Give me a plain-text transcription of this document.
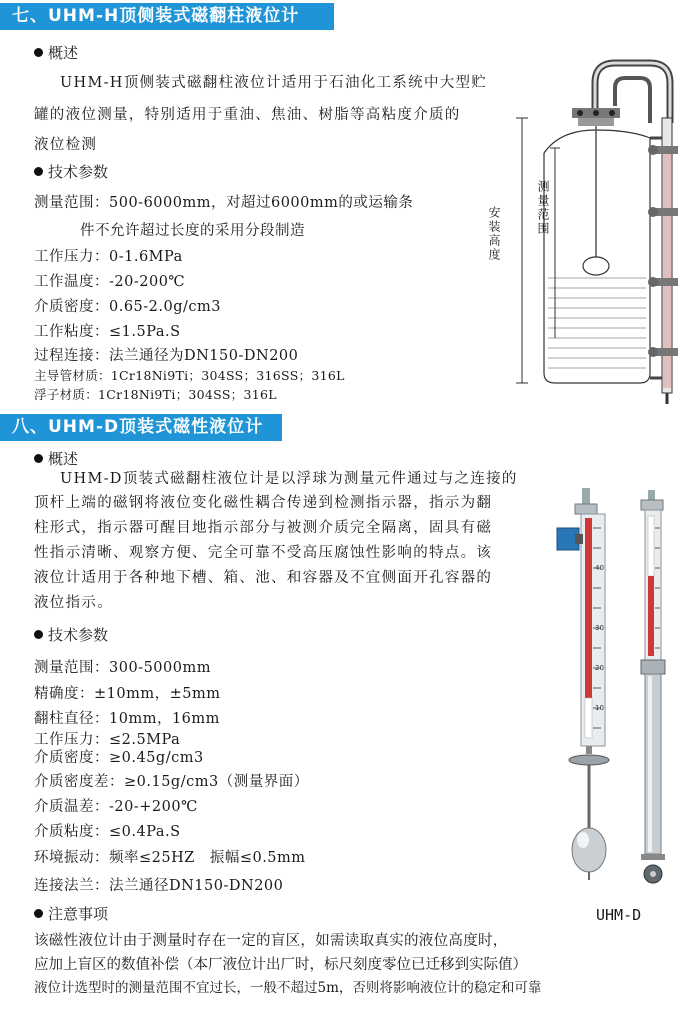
七、UHM-H顶侧装式磁翻柱液位计
概述
UHM-H顶侧装式磁翻柱液位计适用于石油化工系统中大型贮
罐的液位测量，特别适用于重油、焦油、树脂等高粘度介质的
液位检测
技术参数
测量范围：500-6000mm，对超过6000mm的或运输条
件不允许超过长度的采用分段制造
工作压力：0-1.6MPa
工作温度：-20-200℃
介质密度：0.65-2.0g/cm3
工作粘度：≤1.5Pa.S
过程连接：法兰通径为DN150-DN200
主导管材质：1Cr18Ni9Ti；304SS；316SS；316L
浮子材质：1Cr18Ni9Ti；304SS；316L
安装高度	测量范围
八、UHM-D顶装式磁性液位计
概述
UHM-D顶装式磁翻柱液位计是以浮球为测量元件通过与之连接的
顶杆上端的磁钢将液位变化磁性耦合传递到检测指示器，指示为翻
柱形式，指示器可醒目地指示部分与被测介质完全隔离，固具有磁
性指示清晰、观察方便、完全可靠不受高压腐蚀性影响的特点。该
液位计适用于各种地下槽、箱、池、和容器及不宜侧面开孔容器的
液位指示。
技术参数
测量范围：300-5000mm
精确度：±10mm，±5mm
翻柱直径：10mm，16mm
工作压力：≤2.5MPa
介质密度：≥0.45g/cm3
介质密度差：≥0.15g/cm3（测量界面）
介质温差：-20-+200℃
介质粘度：≤0.4Pa.S
环境振动：频率≤25HZ　振幅≤0.5mm
连接法兰：法兰通径DN150-DN200
注意事项
该磁性液位计由于测量时存在一定的盲区，如需读取真实的液位高度时，
应加上盲区的数值补偿（本厂液位计出厂时，标尺刻度零位已迁移到实际值）
液位计选型时的测量范围不宜过长，一般不超过5m，否则将影响液位计的稳定和可靠
40
30
20
10
UHM-D
